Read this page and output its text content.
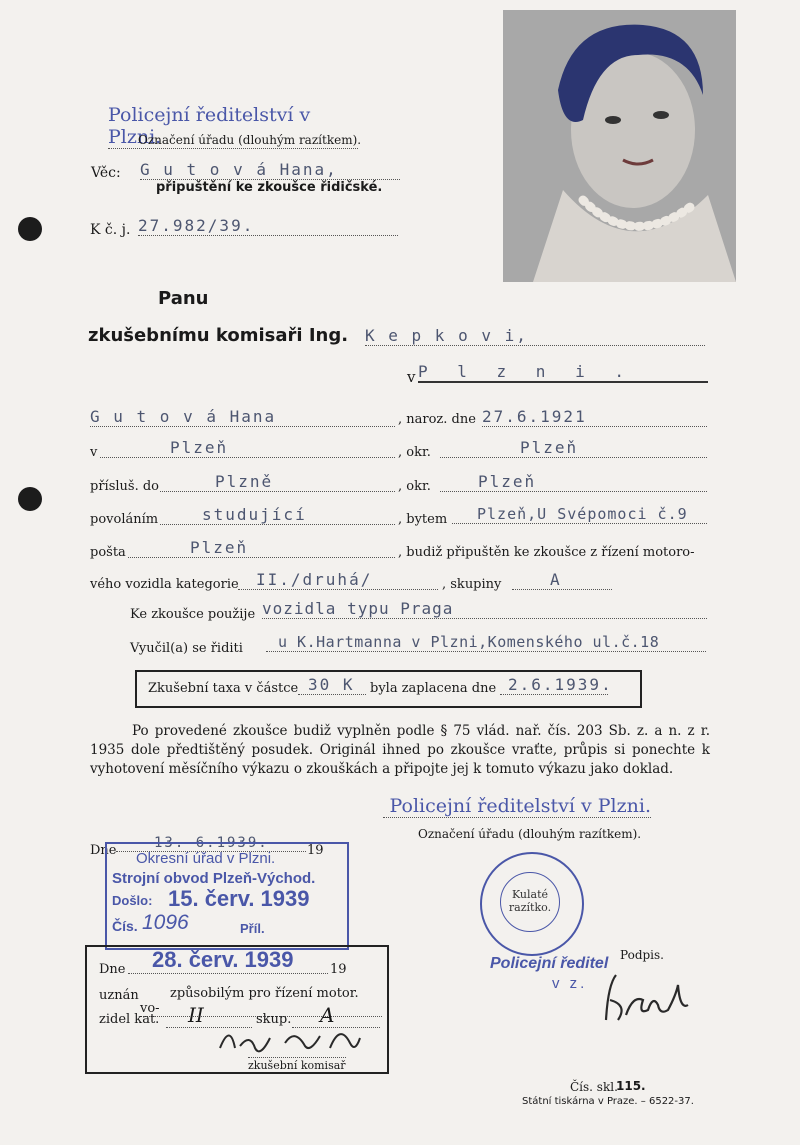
Policejní ředitelství v Plzni.
Označení úřadu (dlouhým razítkem).
Věc: G u t o v á Hana,
připuštění ke zkoušce řidičské.
K č. j. 27.982/39.
Panu
zkušebnímu komisaři Ing. K e p k o v i,
v P l z n i .
G u t o v á Hana	, naroz. dne 27.6.1921
v	Plzeň	, okr.	Plzeň
přísluš. do	Plzně	, okr.	Plzeň
povoláním	studující	, bytem	Plzeň,U Svépomoci č.9
pošta	Plzeň	, budiž připuštěn ke zkoušce z řízení motoro-
vého vozidla kategorie	II./druhá/	, skupiny	A
Ke zkoušce použije vozidla typu Praga
Vyučil(a) se řiditi	u K.Hartmanna v Plzni,Komenského ul.č.18
Zkušební taxa v částce 30 K	byla zaplacena dne 2.6.1939.
Po provedené zkoušce budiž vyplněn podle § 75 vlád. nař. čís. 203 Sb. z. a n. z r. 1935 dole předtištěný posudek. Originál ihned po zkoušce vraťte, průpis si ponechte k vyhotovení měsíčního výkazu o zkouškách a připojte jej k tomuto výkazu jako doklad.
Policejní ředitelství v Plzni.
Označení úřadu (dlouhým razítkem).
Dne	13. 6.1939.	19
Okresní úřad v Plzni.
Strojní obvod Plzeň-Východ.
Došlo: 15. červ. 1939
Čís. 1096	Příl.
Kulaté razítko.
Podpis.
Policejní ředitel
v z.
Dne	28. červ. 1939	19
uznán	způsobilým pro řízení motor. vo-
zidel kat.	II	skup.	A
zkušební komisař
Čís. skl.
115.
Státní tiskárna v Praze. – 6522-37.
